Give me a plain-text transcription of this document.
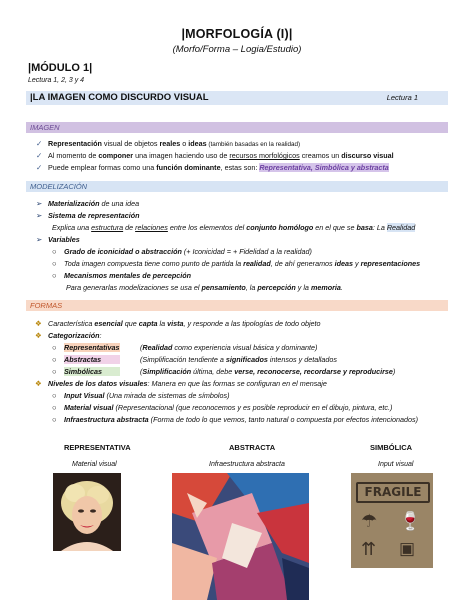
|MORFOLOGÍA (I)|
(Morfo/Forma – Logia/Estudio)
|MÓDULO 1|
Lectura 1, 2, 3 y 4
|LA IMAGEN COMO DISCURDO VISUAL	Lectura 1
IMAGEN
✓ Representación visual de objetos reales o ideas (también basadas en la realidad)
✓ Al momento de componer una imagen haciendo uso de recursos morfológicos creamos un discurso visual
✓ Puede emplear formas como una función dominante, estas son: Representativa, Simbólica y abstracta
MODELIZACIÓN
➢ Materialización de una idea
➢ Sistema de representación
Explica una estructura de relaciones entre los elementos del conjunto homólogo en el que se basa: La Realidad
➢ Variables
○ Grado de iconicidad o abstracción (+ Iconicidad = + Fidelidad a la realidad)
○ Toda imagen compuesta tiene como punto de partida la realidad, de ahí generamos ideas y representaciones
○ Mecanismos mentales de percepción
Para generarlas modelizaciones se usa el pensamiento, la percepción y la memoria.
FORMAS
❖ Característica esencial que capta la vista, y responde a las tipologías de todo objeto
❖ Categorización:
○ Representativas	(Realidad como experiencia visual básica y dominante)
○ Abstractas	(Simplificación tendiente a significados intensos y detallados
○ Simbólicas	(Simplificación última, debe verse, reconocerse, recordarse y reproducirse)
❖ Niveles de los datos visuales: Manera en que las formas se configuran en el mensaje
○ Input Visual (Una mirada de sistemas de símbolos)
○ Material visual (Representacional (que reconocemos y es posible reproducir en el dibujo, pintura, etc.)
○ Infraestructura abstracta (Forma de todo lo que vemos, tanto natural o compuesta por efectos intencionados)
REPRESENTATIVA	ABSTRACTA	SIMBÓLICA
Material visual	Infraestructura abstracta	Input visual
FRAGILE
☂ 🍷
⇈ ▣
